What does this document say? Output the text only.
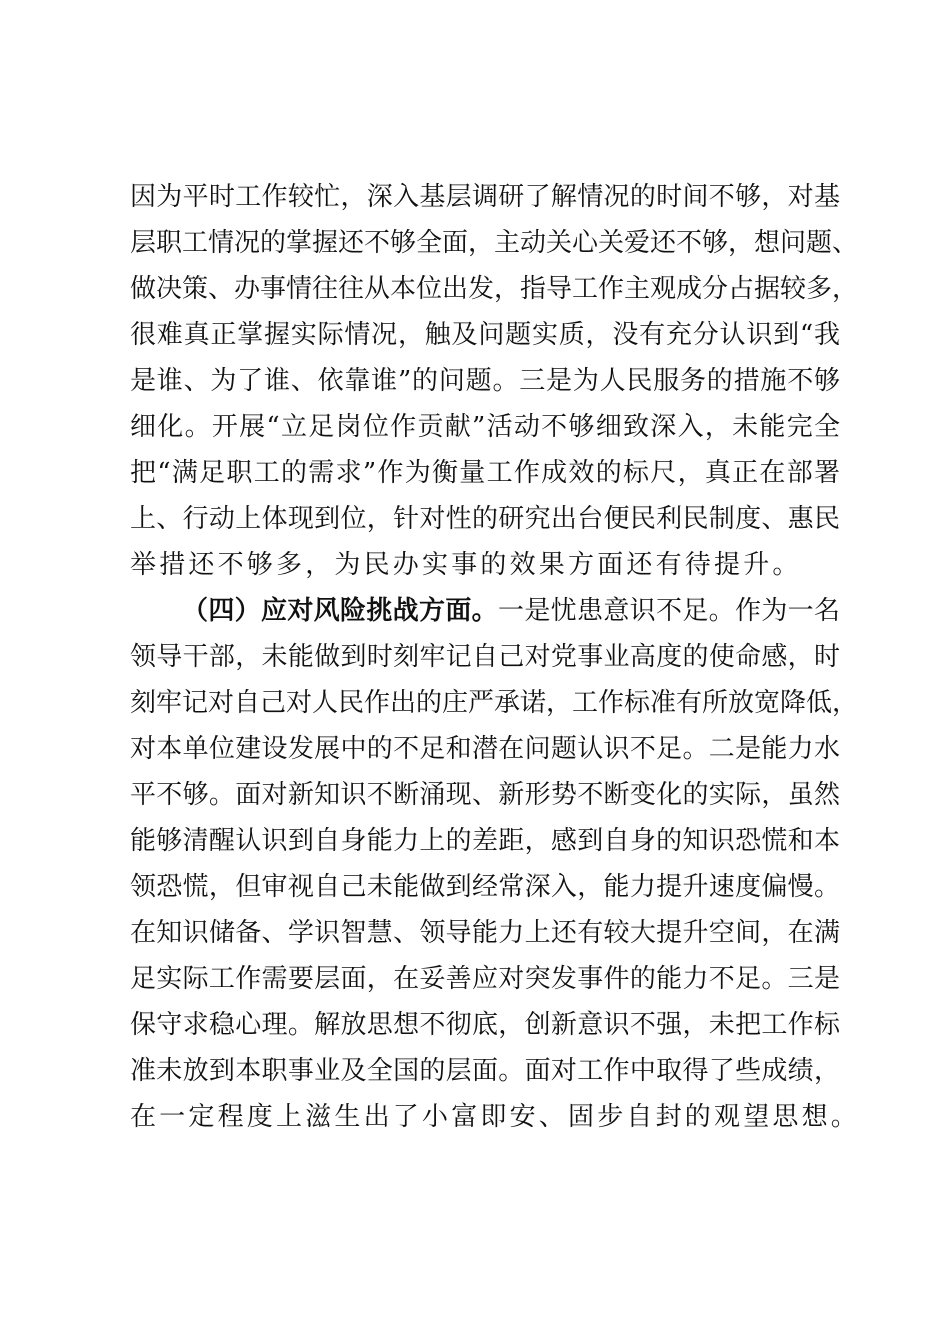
因为平时工作较忙，深入基层调研了解情况的时间不够，对基
层职工情况的掌握还不够全面，主动关心关爱还不够，想问题、
做决策、办事情往往从本位出发，指导工作主观成分占据较多，
很难真正掌握实际情况，触及问题实质，没有充分认识到“我
是谁、为了谁、依靠谁”的问题。三是为人民服务的措施不够
细化。开展“立足岗位作贡献”活动不够细致深入，未能完全
把“满足职工的需求”作为衡量工作成效的标尺，真正在部署
上、行动上体现到位，针对性的研究出台便民利民制度、惠民
举措还不够多，为民办实事的效果方面还有待提升。
（四）应对风险挑战方面。一是忧患意识不足。作为一名
领导干部，未能做到时刻牢记自己对党事业高度的使命感，时
刻牢记对自己对人民作出的庄严承诺，工作标准有所放宽降低，
对本单位建设发展中的不足和潜在问题认识不足。二是能力水
平不够。面对新知识不断涌现、新形势不断变化的实际，虽然
能够清醒认识到自身能力上的差距，感到自身的知识恐慌和本
领恐慌，但审视自己未能做到经常深入，能力提升速度偏慢。
在知识储备、学识智慧、领导能力上还有较大提升空间，在满
足实际工作需要层面，在妥善应对突发事件的能力不足。三是
保守求稳心理。解放思想不彻底，创新意识不强，未把工作标
准未放到本职事业及全国的层面。面对工作中取得了些成绩，
在一定程度上滋生出了小富即安、固步自封的观望思想。
